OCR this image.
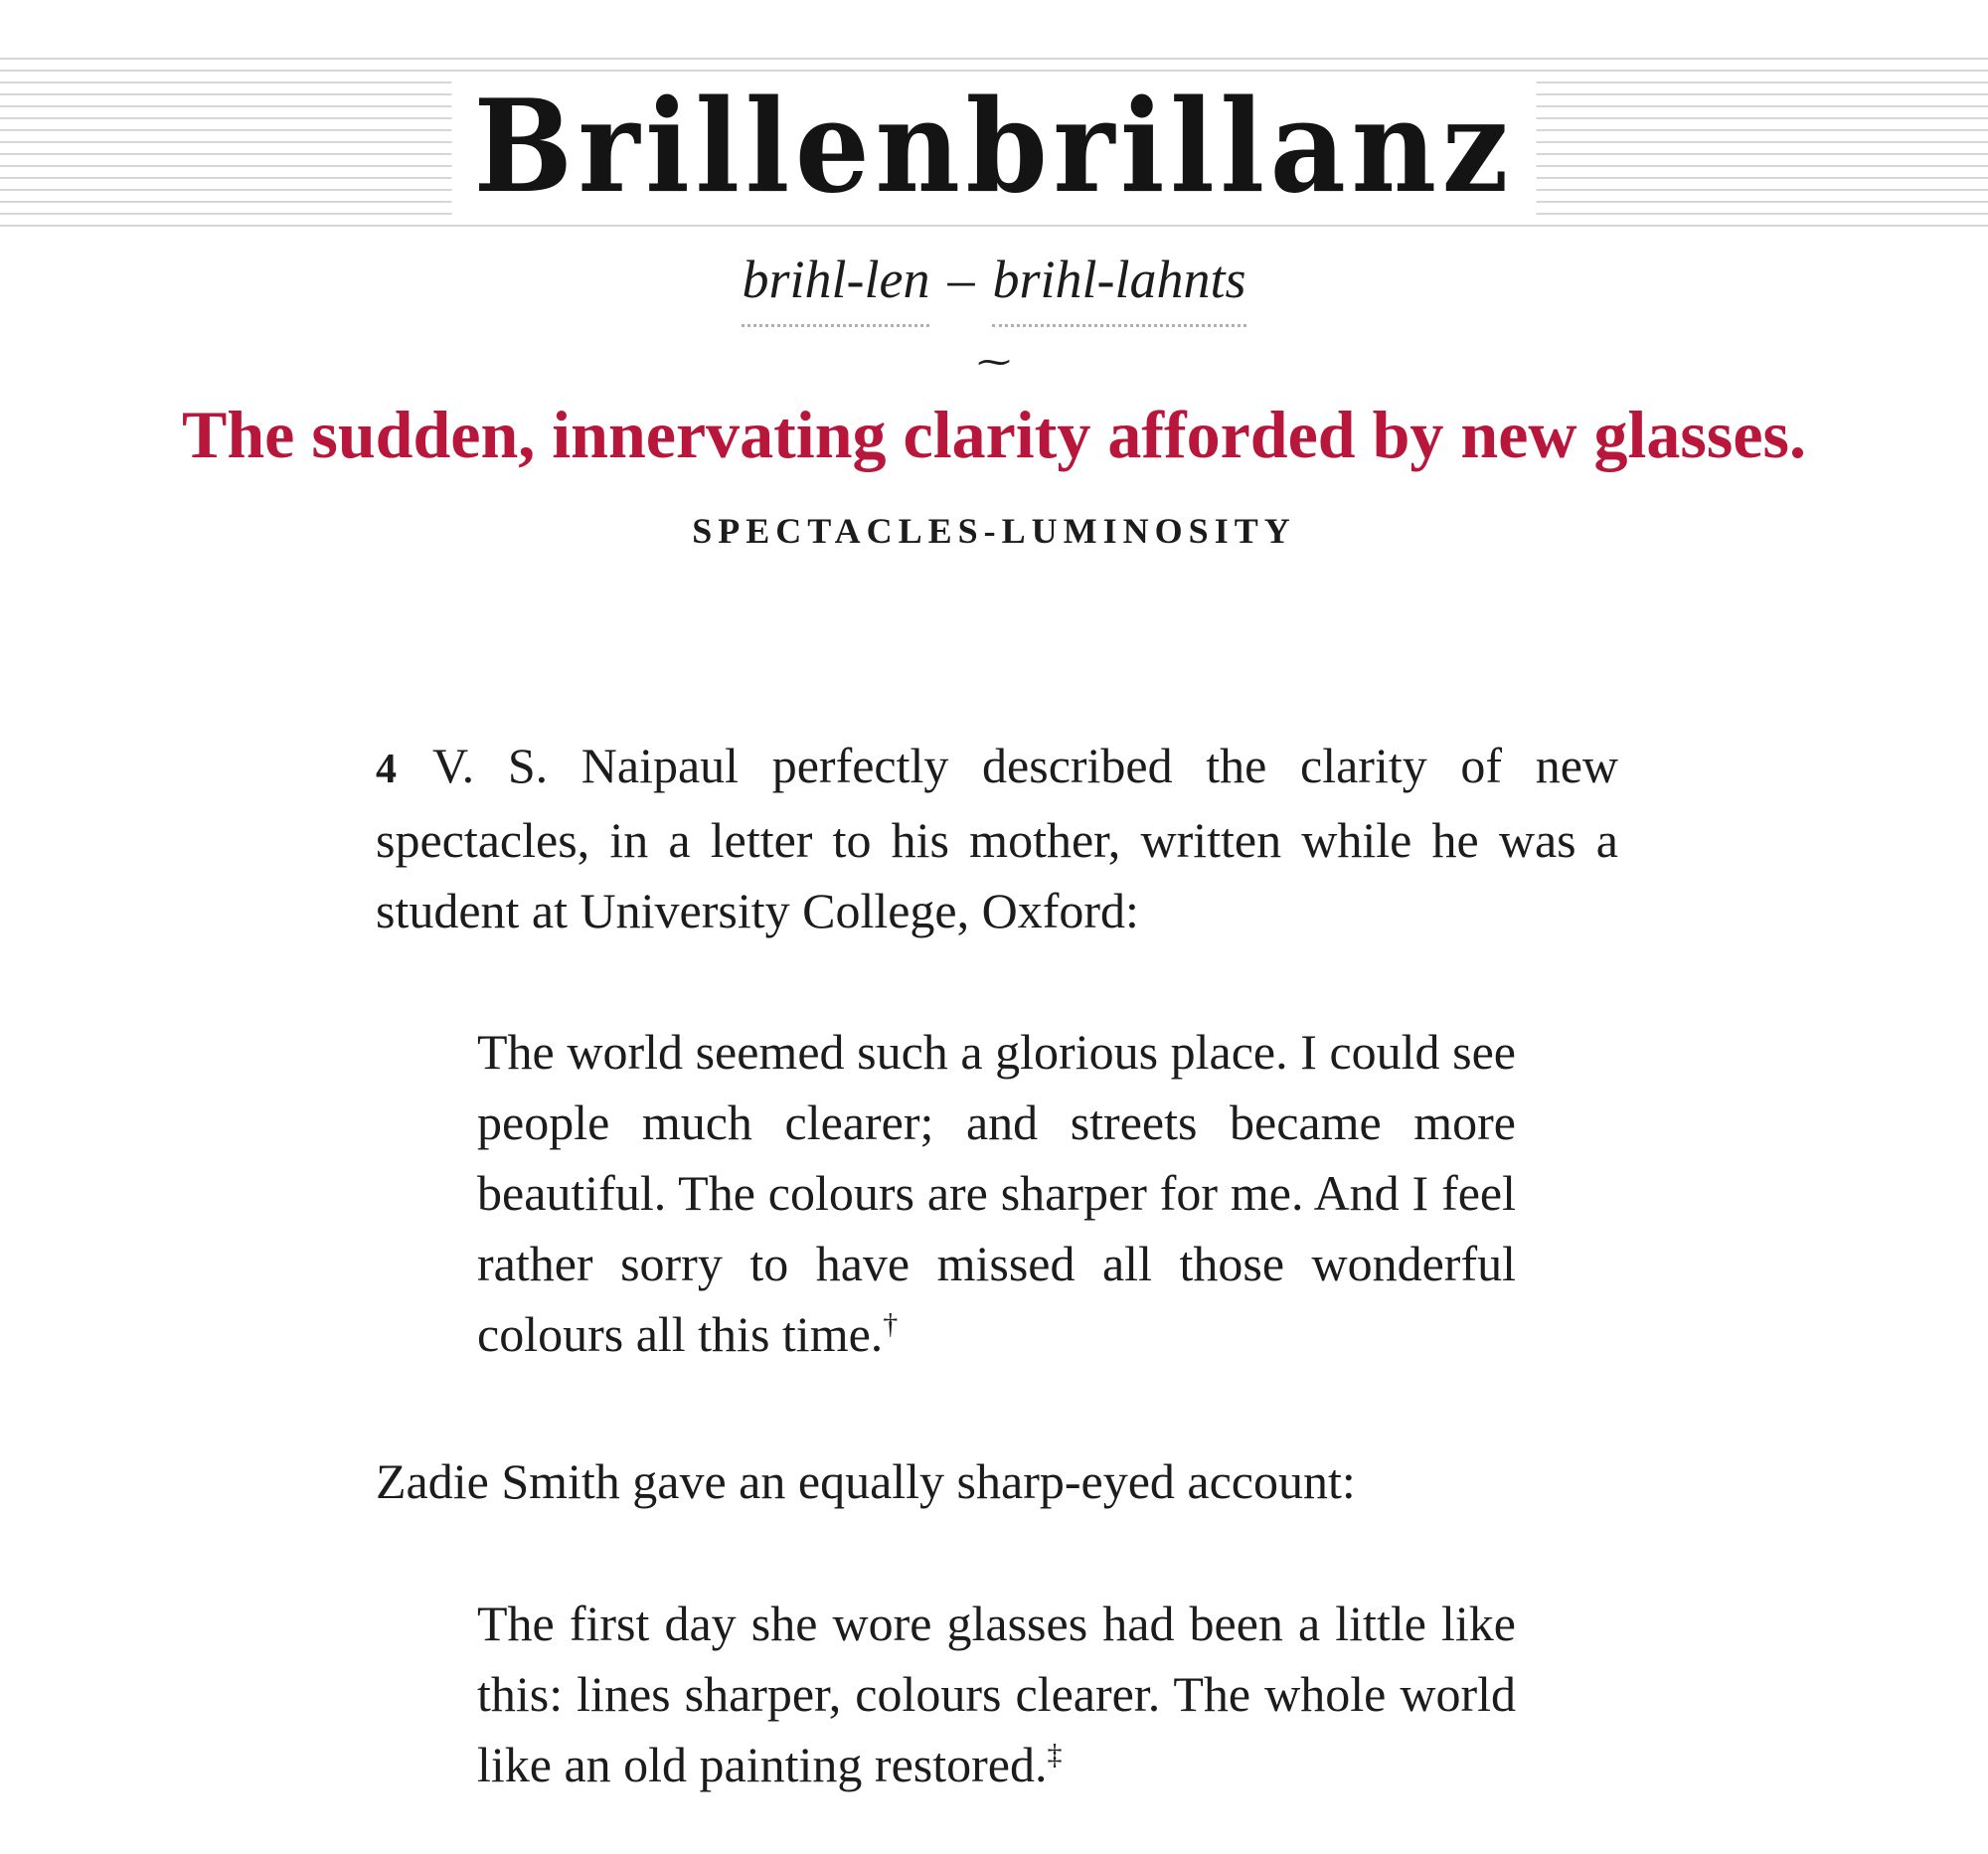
Brillenbrillanz
brihl-len – brihl-lahnts
⁓
The sudden, innervating clarity afforded by new glasses.
SPECTACLES-LUMINOSITY
4 V. S. Naipaul perfectly described the clarity of new spectacles, in a letter to his mother, written while he was a student at University College, Oxford:
The world seemed such a glorious place. I could see people much clearer; and streets became more beautiful. The colours are sharper for me. And I feel rather sorry to have missed all those wonderful colours all this time.†
Zadie Smith gave an equally sharp-eyed account:
The first day she wore glasses had been a little like this: lines sharper, colours clearer. The whole world like an old painting restored.‡
